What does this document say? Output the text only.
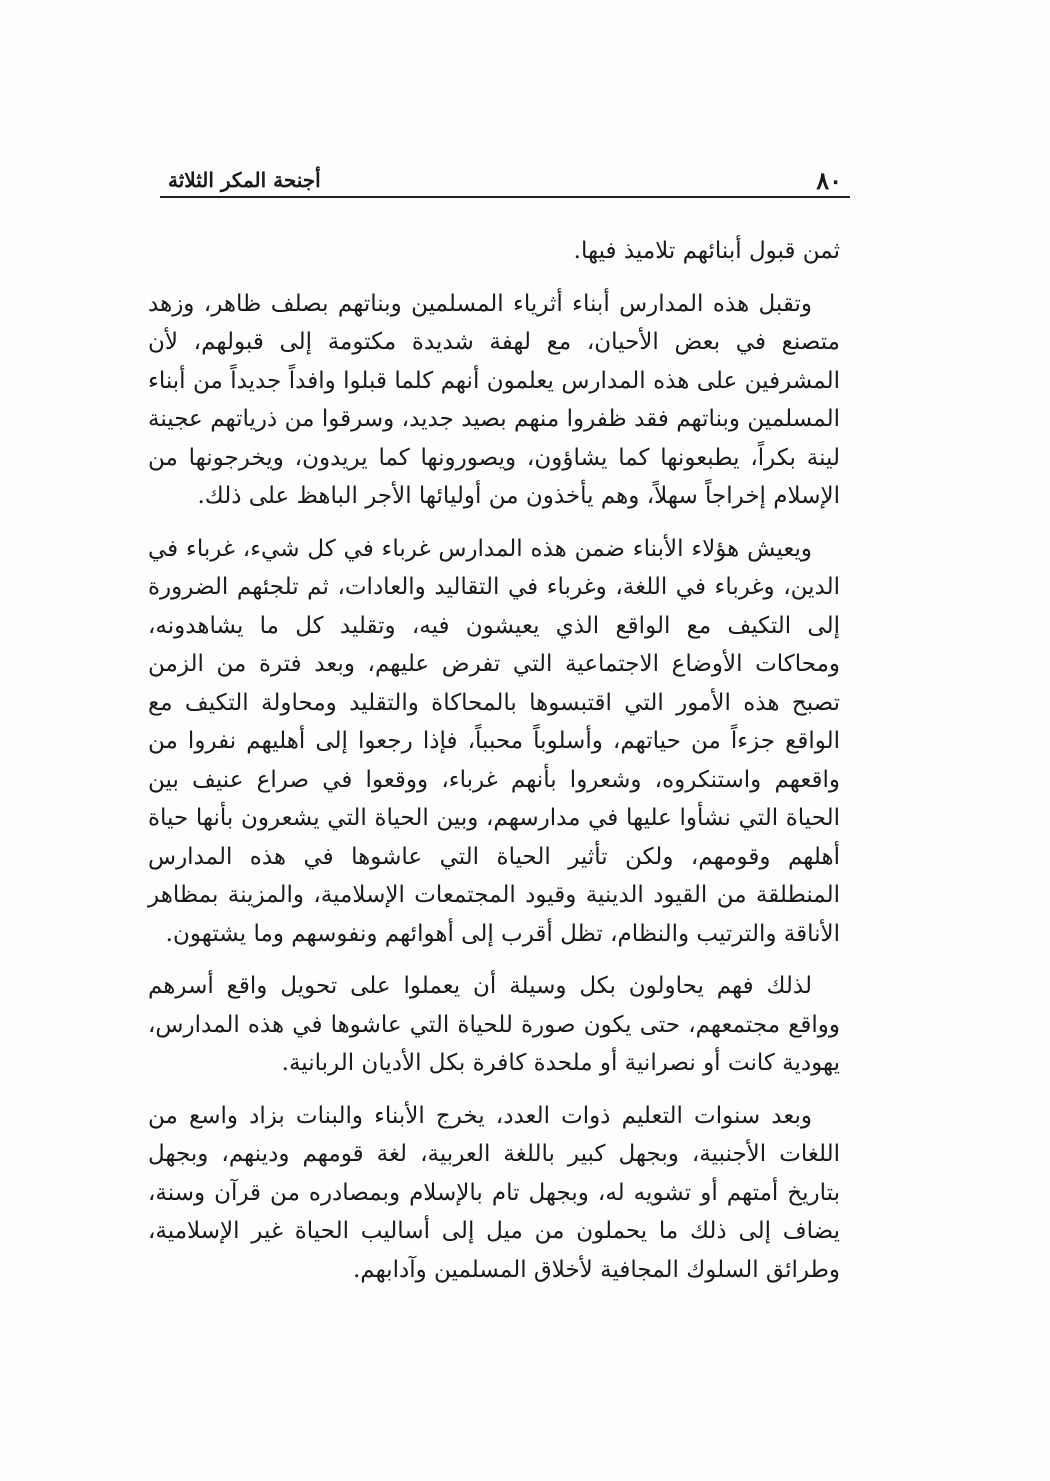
٨٠
أجنحة المكر الثلاثة

ثمن قبول أبنائهم تلاميذ فيها.

وتقبل هذه المدارس أبناء أثرياء المسلمين وبناتهم بصلف ظاهر، وزهد متصنع في بعض الأحيان، مع لهفة شديدة مكتومة إلى قبولهم، لأن المشرفين على هذه المدارس يعلمون أنهم كلما قبلوا وافداً جديداً من أبناء المسلمين وبناتهم فقد ظفروا منهم بصيد جديد، وسرقوا من ذرياتهم عجينة لينة بكراً، يطبعونها كما يشاؤون، ويصورونها كما يريدون، ويخرجونها من الإسلام إخراجاً سهلاً، وهم يأخذون من أوليائها الأجر الباهظ على ذلك.

ويعيش هؤلاء الأبناء ضمن هذه المدارس غرباء في كل شيء، غرباء في الدين، وغرباء في اللغة، وغرباء في التقاليد والعادات، ثم تلجئهم الضرورة إلى التكيف مع الواقع الذي يعيشون فيه، وتقليد كل ما يشاهدونه، ومحاكات الأوضاع الاجتماعية التي تفرض عليهم، وبعد فترة من الزمن تصبح هذه الأمور التي اقتبسوها بالمحاكاة والتقليد ومحاولة التكيف مع الواقع جزءاً من حياتهم، وأسلوباً محبباً، فإذا رجعوا إلى أهليهم نفروا من واقعهم واستنكروه، وشعروا بأنهم غرباء، ووقعوا في صراع عنيف بين الحياة التي نشأوا عليها في مدارسهم، وبين الحياة التي يشعرون بأنها حياة أهلهم وقومهم، ولكن تأثير الحياة التي عاشوها في هذه المدارس المنطلقة من القيود الدينية وقيود المجتمعات الإسلامية، والمزينة بمظاهر الأناقة والترتيب والنظام، تظل أقرب إلى أهوائهم ونفوسهم وما يشتهون.

لذلك فهم يحاولون بكل وسيلة أن يعملوا على تحويل واقع أسرهم وواقع مجتمعهم، حتى يكون صورة للحياة التي عاشوها في هذه المدارس، يهودية كانت أو نصرانية أو ملحدة كافرة بكل الأديان الربانية.

وبعد سنوات التعليم ذوات العدد، يخرج الأبناء والبنات بزاد واسع من اللغات الأجنبية، وبجهل كبير باللغة العربية، لغة قومهم ودينهم، وبجهل بتاريخ أمتهم أو تشويه له، وبجهل تام بالإسلام وبمصادره من قرآن وسنة، يضاف إلى ذلك ما يحملون من ميل إلى أساليب الحياة غير الإسلامية، وطرائق السلوك المجافية لأخلاق المسلمين وآدابهم.
